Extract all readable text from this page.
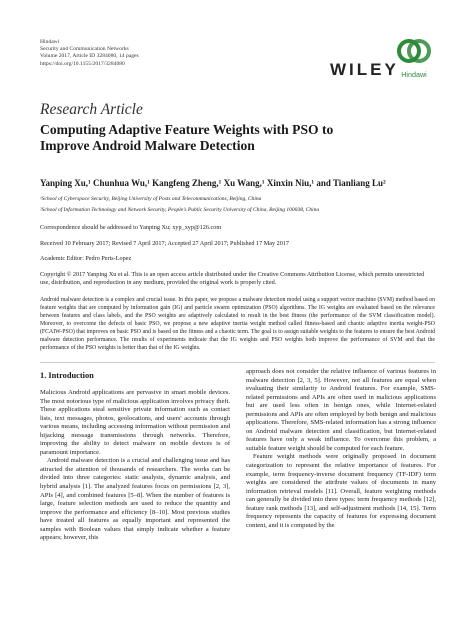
Hindawi
Security and Communication Networks
Volume 2017, Article ID 3284080, 14 pages
https://doi.org/10.1155/2017/3284080	WILEY Hindawi
Research Article
Computing Adaptive Feature Weights with PSO to
Improve Android Malware Detection
Yanping Xu,¹ Chunhua Wu,¹ Kangfeng Zheng,¹ Xu Wang,¹ Xinxin Niu,¹ and Tianliang Lu²
¹School of Cyberspace Security, Beijing University of Posts and Telecommunications, Beijing, China
²School of Information Technology and Network Security, People's Public Security University of China, Beijing 100038, China
Correspondence should be addressed to Yanping Xu; xyp_xyp@126.com
Received 10 February 2017; Revised 7 April 2017; Accepted 27 April 2017; Published 17 May 2017
Academic Editor: Pedro Peris-Lopez
Copyright © 2017 Yanping Xu et al. This is an open access article distributed under the Creative Commons Attribution License, which permits unrestricted use, distribution, and reproduction in any medium, provided the original work is properly cited.
Android malware detection is a complex and crucial issue. In this paper, we propose a malware detection model using a support vector machine (SVM) method based on feature weights that are computed by information gain (IG) and particle swarm optimization (PSO) algorithms. The IG weights are evaluated based on the relevance between features and class labels, and the PSO weights are adaptively calculated to result in the best fitness (the performance of the SVM classification model). Moreover, to overcome the defects of basic PSO, we propose a new adaptive inertia weight method called fitness-based and chaotic adaptive inertia weight-PSO (FCAIW-PSO) that improves on basic PSO and is based on the fitness and a chaotic term. The goal is to assign suitable weights to the features to ensure the best Android malware detection performance. The results of experiments indicate that the IG weights and PSO weights both improve the performance of SVM and that the performance of the PSO weights is better than that of the IG weights.
1. Introduction

Malicious Android applications are pervasive in smart mobile devices. The most notorious type of malicious application involves privacy theft. These applications steal sensitive private information such as contact lists, text messages, photos, geolocations, and users' accounts through various means, including accessing information without permission and hijacking message transmissions through networks. Therefore, improving the ability to detect malware on mobile devices is of paramount importance.

Android malware detection is a crucial and challenging issue and has attracted the attention of thousands of researchers. The works can be divided into three categories: static analysis, dynamic analysis, and hybrid analysis [1]. The analyzed features focus on permissions [2, 3], APIs [4], and combined features [5–8]. When the number of features is large, feature selection methods are used to reduce the quantity and improve the performance and efficiency [8–10]. Most previous studies have treated all features as equally important and represented the samples with Boolean values that simply indicate whether a feature appears; however, this

approach does not consider the relative influence of various features in malware detection [2, 3, 5]. However, not all features are equal when evaluating their similarity to Android features. For example, SMS-related permissions and APIs are often used in malicious applications but are used less often in benign ones, while Internet-related permissions and APIs are often employed by both benign and malicious applications. Therefore, SMS-related information has a strong influence on Android malware detection and classification, but Internet-related features have only a weak influence. To overcome this problem, a suitable feature weight should be computed for each feature.

Feature weight methods were originally proposed in document categorization to represent the relative importance of features. For example, term frequency-inverse document frequency (TF-IDF) term weights are considered the attribute values of documents in many information retrieval models [11]. Overall, feature weighting methods can generally be divided into three types: term frequency methods [12], feature rank methods [13], and self-adjustment methods [14, 15]. Term frequency represents the capacity of features for expressing document content, and it is computed by the
